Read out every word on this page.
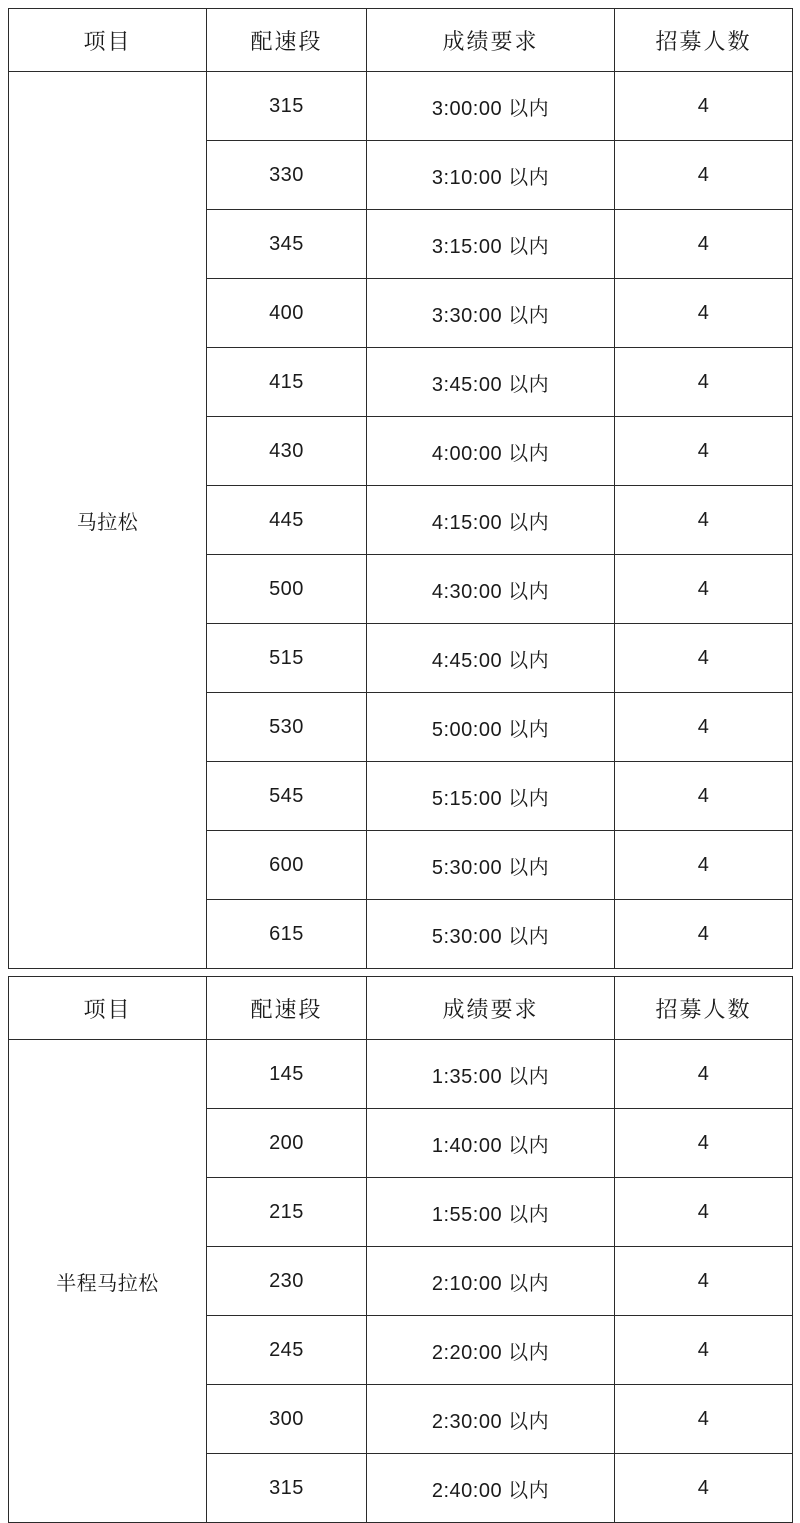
项目	配速段	成绩要求	招募人数
马拉松	315	3:00:00 以内	4
	330	3:10:00 以内	4
	345	3:15:00 以内	4
	400	3:30:00 以内	4
	415	3:45:00 以内	4
	430	4:00:00 以内	4
	445	4:15:00 以内	4
	500	4:30:00 以内	4
	515	4:45:00 以内	4
	530	5:00:00 以内	4
	545	5:15:00 以内	4
	600	5:30:00 以内	4
	615	5:30:00 以内	4
项目	配速段	成绩要求	招募人数
半程马拉松	145	1:35:00 以内	4
	200	1:40:00 以内	4
	215	1:55:00 以内	4
	230	2:10:00 以内	4
	245	2:20:00 以内	4
	300	2:30:00 以内	4
	315	2:40:00 以内	4
